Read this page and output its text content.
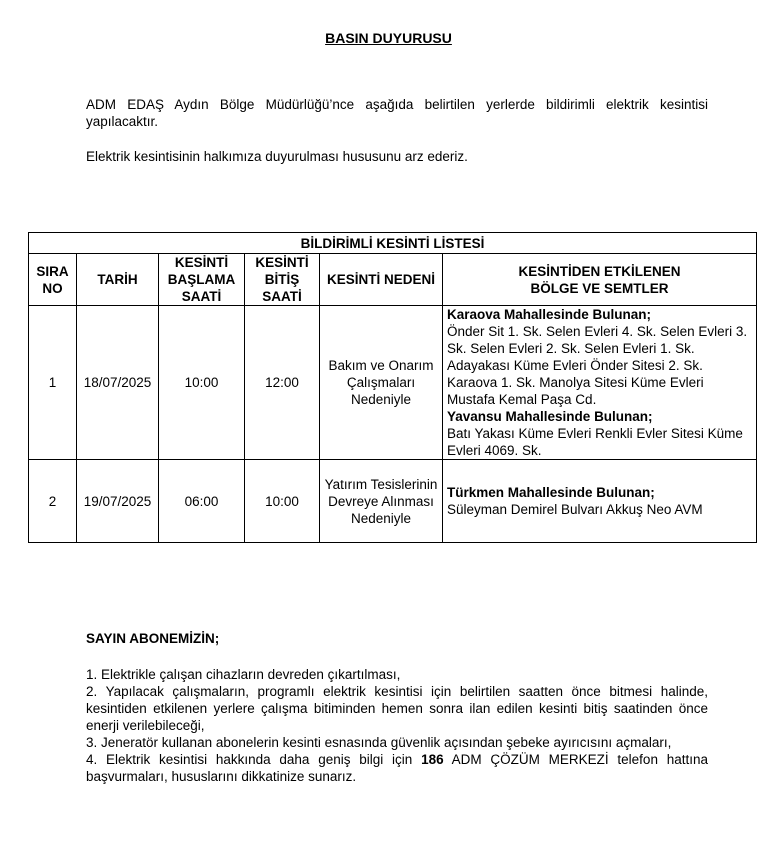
BASIN DUYURUSU

ADM EDAŞ Aydın Bölge Müdürlüğü’nce aşağıda belirtilen yerlerde bildirimli elektrik kesintisi yapılacaktır.

Elektrik kesintisinin halkımıza duyurulması hususunu arz ederiz.

BİLDİRİMLİ KESİNTİ LİSTESİ					
SIRA NO	TARİH	KESİNTİ BAŞLAMA SAATİ	KESİNTİ BİTİŞ SAATİ	KESİNTİ NEDENİ	KESİNTİDEN ETKİLENEN
BÖLGE VE SEMTLER

1	18/07/2025	10:00	12:00	Bakım ve Onarım Çalışmaları Nedeniyle	Karaova Mahallesinde Bulunan;
Önder Sit 1. Sk. Selen Evleri 4. Sk. Selen Evleri 3. Sk. Selen Evleri 2. Sk. Selen Evleri 1. Sk. Adayakası Küme Evleri Önder Sitesi 2. Sk. Karaova 1. Sk. Manolya Sitesi Küme Evleri Mustafa Kemal Paşa Cd.
Yavansu Mahallesinde Bulunan;
Batı Yakası Küme Evleri Renkli Evler Sitesi Küme Evleri 4069. Sk.

2	19/07/2025	06:00	10:00	Yatırım Tesislerinin Devreye Alınması Nedeniyle	Türkmen Mahallesinde Bulunan;
Süleyman Demirel Bulvarı Akkuş Neo AVM

SAYIN ABONEMİZİN;

1. Elektrikle çalışan cihazların devreden çıkartılması,
2. Yapılacak çalışmaların, programlı elektrik kesintisi için belirtilen saatten önce bitmesi halinde, kesintiden etkilenen yerlere çalışma bitiminden hemen sonra ilan edilen kesinti bitiş saatinden önce enerji verilebileceği,
3. Jeneratör kullanan abonelerin kesinti esnasında güvenlik açısından şebeke ayırıcısını açmaları,
4. Elektrik kesintisi hakkında daha geniş bilgi için 186 ADM ÇÖZÜM MERKEZİ telefon hattına başvurmaları, hususlarını dikkatinize sunarız.
